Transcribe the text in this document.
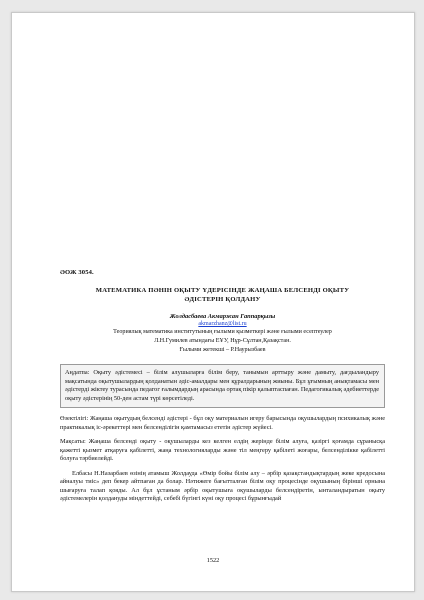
ӘОЖ 3054.

МАТЕМАТИКА ПӘНІН ОҚЫТУ ҮДЕРІСІНДЕ ЖАҢАША БЕЛСЕНДІ ОҚЫТУ
ӘДІСТЕРІН ҚОЛДАНУ
Жолдасбаева Акмаржан Гаппарқызы
akmarzhanz@list.ru
Теориялық математика институтының ғылыми қызметкері және ғылыми есептеулер
Л.Н.Гумилев атындағы ЕҰУ, Нұр-Сұлтан,Қазақстан.
Ғылыми жетекші – Р.Наурызбаев

Аңдатпа: Оқыту әдістемесі – білім алушыларға білім беру, танымын арттыру және дамыту, дағдыландыру мақсатында оқытушылардың қолданатын әдіс-амалдары мен құралдарының жиыны. Бұл ұғымның анықтамасы мен әдістерді жіктеу турасында педагог ғалымдардың арасында ортақ пікір қалыптаспаған. Педагогикалық әдебиеттерде оқыту әдістерінің 50-ден астам түрі көрсетіледі.

Өзектілігі: Жаңаша оқытудың белсенді әдістері - бұл оқу материалын игеру барысында оқушылардың психикалық және практикалық іс-әрекеттері мен белсенділігін қамтамасыз ететін әдістер жүйесі.

Мақсаты: Жаңаша белсенді оқыту - оқушыларды кез келген елдің жерінде білім алуға, қазіргі қоғамда сұранысқа қажетті қызмет атқаруға қабілетті, жаңа технологияларды және тіл меңгеру қабілеті жоғары, белсенділікке қабілетті болуға тәрбиелейді.

Елбасы Н.Назарбаев өзінің атамыш Жолдауда «Өмір бойы білім алу – әрбір қазақстандықтардың жеке кредосына айналуы тиіс» деп бекер айтпаған да болар. Нәтижеге бағытталған білім оқу процесінде оқушының бірінші орнына шығаруға талап қояды. Ал бұл ұстаным әрбір оқытушыға оқушыларды белсендіретін, ынталандыратын оқыту әдістемелерін қолдануды міндеттейді, себебі бүгінгі күні оқу процесі бұрынғыдай

1522
